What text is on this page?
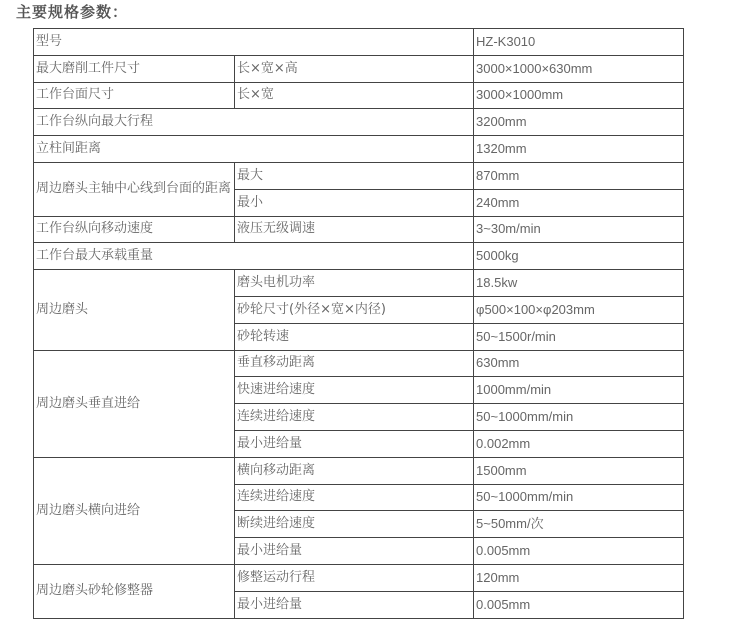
主要规格参数：
型号		HZ-K3010
最大磨削工件尺寸	长×宽×高	3000×1000×630mm
工作台面尺寸	长×宽	3000×1000mm
工作台纵向最大行程		3200mm
立柱间距离		1320mm
周边磨头主轴中心线到台面的距离	最大	870mm
	最小	240mm
工作台纵向移动速度	液压无级调速	3~30m/min
工作台最大承载重量		5000kg
周边磨头	磨头电机功率	18.5kw
	砂轮尺寸(外径×宽×内径)	φ500×100×φ203mm
	砂轮转速	50~1500r/min
周边磨头垂直进给	垂直移动距离	630mm
	快速进给速度	1000mm/min
	连续进给速度	50~1000mm/min
	最小进给量	0.002mm
周边磨头横向进给	横向移动距离	1500mm
	连续进给速度	50~1000mm/min
	断续进给速度	5~50mm/次
	最小进给量	0.005mm
周边磨头砂轮修整器	修整运动行程	120mm
	最小进给量	0.005mm
